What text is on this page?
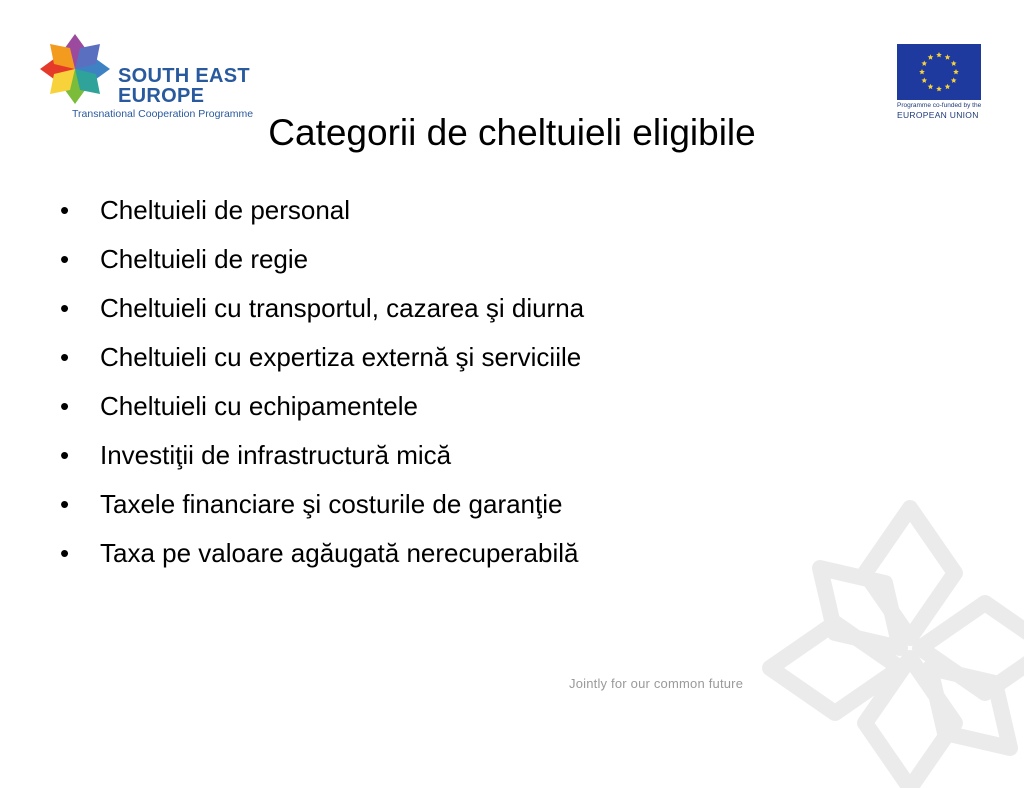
SOUTH EAST
EUROPE
Transnational Cooperation Programme
Programme co-funded by the
EUROPEAN UNION
Categorii de cheltuieli eligibile
• Cheltuieli de personal
• Cheltuieli de regie
• Cheltuieli cu transportul, cazarea şi diurna
• Cheltuieli cu expertiza externă şi serviciile
• Cheltuieli cu echipamentele
• Investiţii de infrastructură mică
• Taxele financiare şi costurile de garanţie
• Taxa pe valoare agăugată nerecuperabilă
Jointly for our common future
